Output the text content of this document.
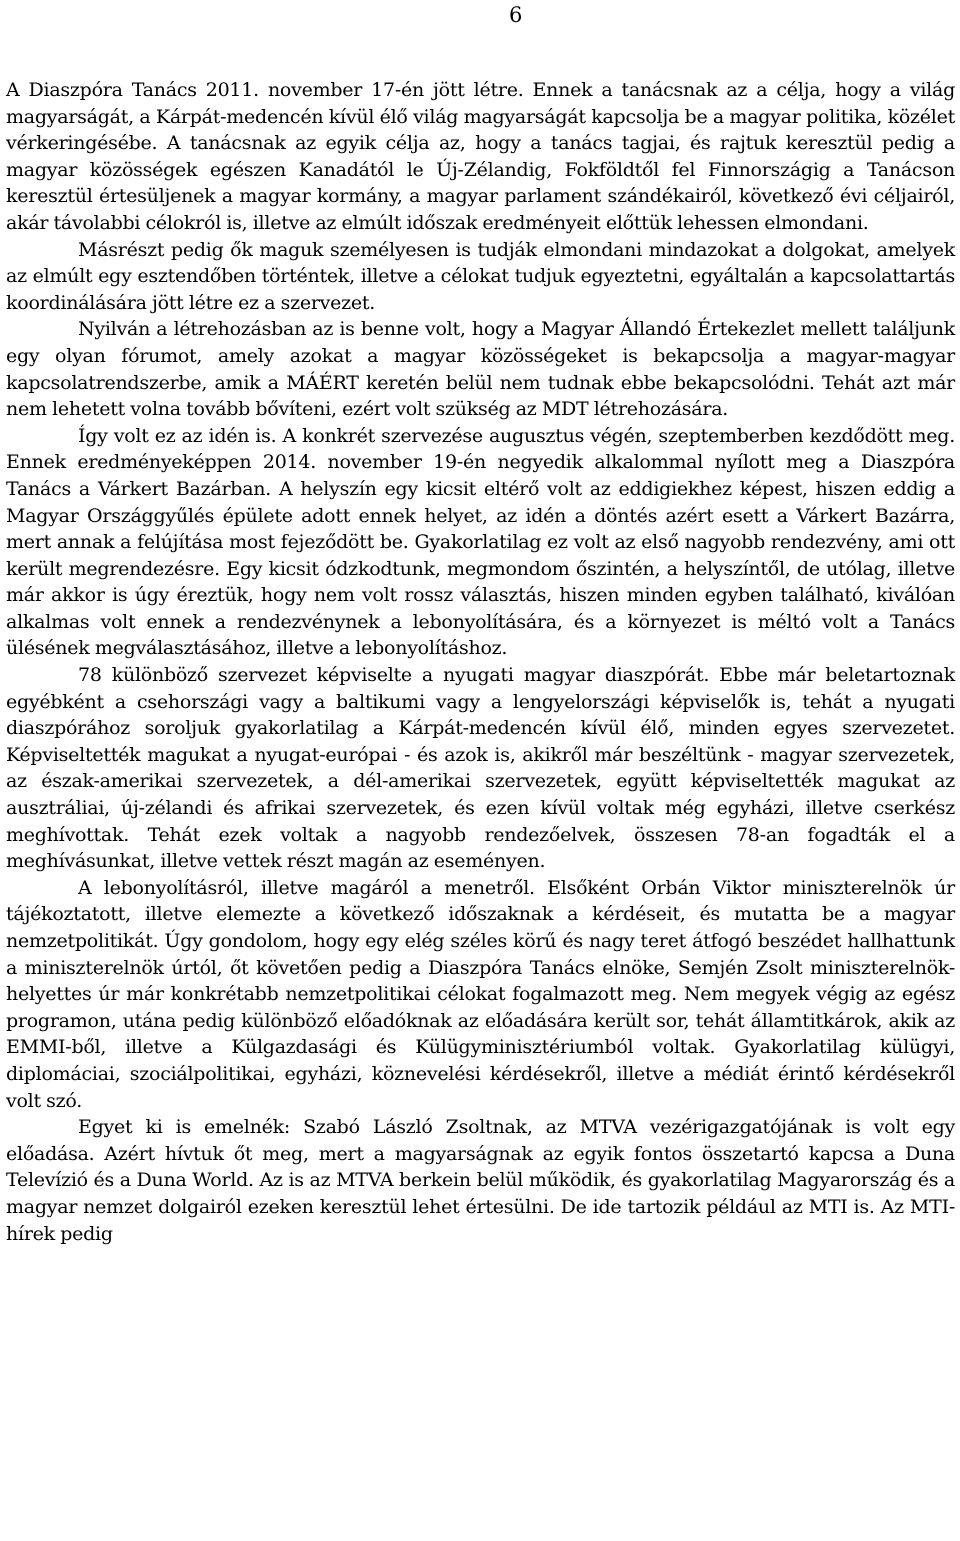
6

A Diaszpóra Tanács 2011. november 17-én jött létre. Ennek a tanácsnak az a célja, hogy a világ magyarságát, a Kárpát-medencén kívül élő világ magyarságát kapcsolja be a magyar politika, közélet vérkeringésébe. A tanácsnak az egyik célja az, hogy a tanács tagjai, és rajtuk keresztül pedig a magyar közösségek egészen Kanadától le Új-Zélandig, Fokföldtől fel Finnországig a Tanácson keresztül értesüljenek a magyar kormány, a magyar parlament szándékairól, következő évi céljairól, akár távolabbi célokról is, illetve az elmúlt időszak eredményeit előttük lehessen elmondani.

Másrészt pedig ők maguk személyesen is tudják elmondani mindazokat a dolgokat, amelyek az elmúlt egy esztendőben történtek, illetve a célokat tudjuk egyeztetni, egyáltalán a kapcsolattartás koordinálására jött létre ez a szervezet.

Nyilván a létrehozásban az is benne volt, hogy a Magyar Állandó Értekezlet mellett találjunk egy olyan fórumot, amely azokat a magyar közösségeket is bekapcsolja a magyar-magyar kapcsolatrendszerbe, amik a MÁÉRT keretén belül nem tudnak ebbe bekapcsolódni. Tehát azt már nem lehetett volna tovább bővíteni, ezért volt szükség az MDT létrehozására.

Így volt ez az idén is. A konkrét szervezése augusztus végén, szeptemberben kezdődött meg. Ennek eredményeképpen 2014. november 19-én negyedik alkalommal nyílott meg a Diaszpóra Tanács a Várkert Bazárban. A helyszín egy kicsit eltérő volt az eddigiekhez képest, hiszen eddig a Magyar Országgyűlés épülete adott ennek helyet, az idén a döntés azért esett a Várkert Bazárra, mert annak a felújítása most fejeződött be. Gyakorlatilag ez volt az első nagyobb rendezvény, ami ott került megrendezésre. Egy kicsit ódzkodtunk, megmondom őszintén, a helyszíntől, de utólag, illetve már akkor is úgy éreztük, hogy nem volt rossz választás, hiszen minden egyben található, kiválóan alkalmas volt ennek a rendezvénynek a lebonyolítására, és a környezet is méltó volt a Tanács ülésének megválasztásához, illetve a lebonyolításhoz.

78 különböző szervezet képviselte a nyugati magyar diaszpórát. Ebbe már beletartoznak egyébként a csehországi vagy a baltikumi vagy a lengyelországi képviselők is, tehát a nyugati diaszpórához soroljuk gyakorlatilag a Kárpát-medencén kívül élő, minden egyes szervezetet. Képviseltették magukat a nyugat-európai - és azok is, akikről már beszéltünk - magyar szervezetek, az észak-amerikai szervezetek, a dél-amerikai szervezetek, együtt képviseltették magukat az ausztráliai, új-zélandi és afrikai szervezetek, és ezen kívül voltak még egyházi, illetve cserkész meghívottak. Tehát ezek voltak a nagyobb rendezőelvek, összesen 78-an fogadták el a meghívásunkat, illetve vettek részt magán az eseményen.

A lebonyolításról, illetve magáról a menetről. Elsőként Orbán Viktor miniszterelnök úr tájékoztatott, illetve elemezte a következő időszaknak a kérdéseit, és mutatta be a magyar nemzetpolitikát. Úgy gondolom, hogy egy elég széles körű és nagy teret átfogó beszédet hallhattunk a miniszterelnök úrtól, őt követően pedig a Diaszpóra Tanács elnöke, Semjén Zsolt miniszterelnök-helyettes úr már konkrétabb nemzetpolitikai célokat fogalmazott meg. Nem megyek végig az egész programon, utána pedig különböző előadóknak az előadására került sor, tehát államtitkárok, akik az EMMI-ből, illetve a Külgazdasági és Külügyminisztériumból voltak. Gyakorlatilag külügyi, diplomáciai, szociálpolitikai, egyházi, köznevelési kérdésekről, illetve a médiát érintő kérdésekről volt szó.

Egyet ki is emelnék: Szabó László Zsoltnak, az MTVA vezérigazgatójának is volt egy előadása. Azért hívtuk őt meg, mert a magyarságnak az egyik fontos összetartó kapcsa a Duna Televízió és a Duna World. Az is az MTVA berkein belül működik, és gyakorlatilag Magyarország és a magyar nemzet dolgairól ezeken keresztül lehet értesülni. De ide tartozik például az MTI is. Az MTI-hírek pedig
